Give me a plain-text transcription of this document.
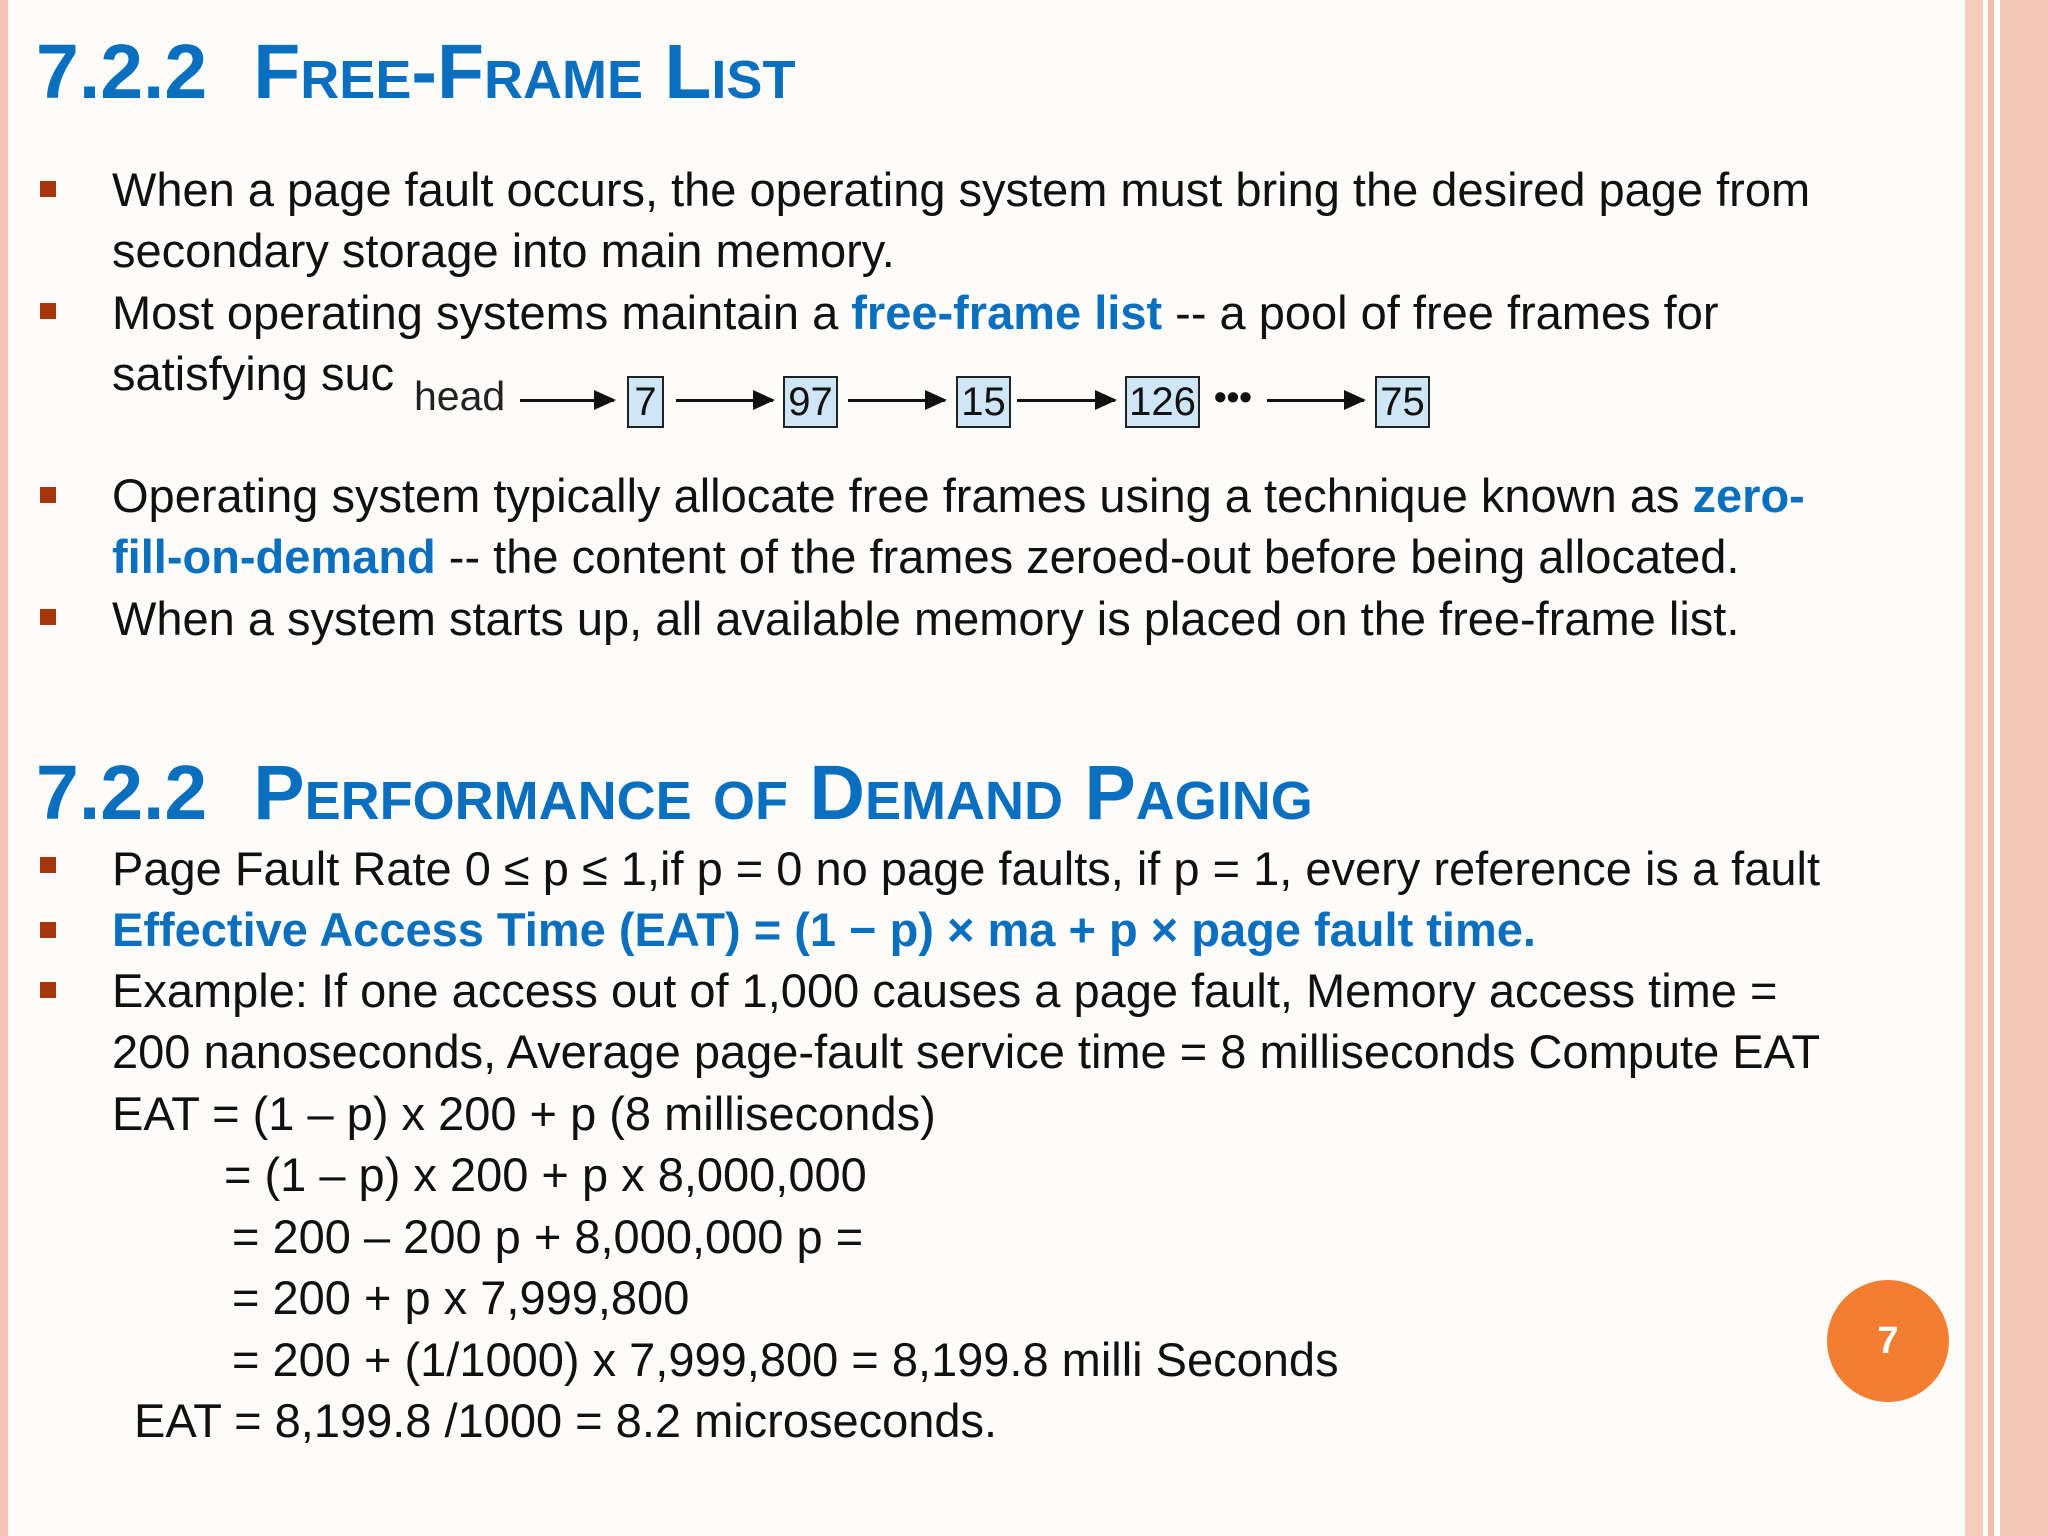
7.2.2 Free-Frame List
When a page fault occurs, the operating system must bring the desired page from
secondary storage into main memory.
Most operating systems maintain a free-frame list -- a pool of free frames for
satisfying suc head	7	97	15	126 •••	75
Operating system typically allocate free frames using a technique known as zero-
fill-on-demand -- the content of the frames zeroed-out before being allocated.
When a system starts up, all available memory is placed on the free-frame list.
7.2.2 Performance of Demand Paging
Page Fault Rate 0 ≤ p ≤ 1,if p = 0 no page faults, if p = 1, every reference is a fault
Effective Access Time (EAT) = (1 − p) × ma + p × page fault time.
Example: If one access out of 1,000 causes a page fault, Memory access time =
200 nanoseconds, Average page-fault service time = 8 milliseconds Compute EAT
EAT = (1 – p) x 200 + p (8 milliseconds)
= (1 – p) x 200 + p x 8,000,000
= 200 – 200 p + 8,000,000 p =
= 200 + p x 7,999,800
= 200 + (1/1000) x 7,999,800 = 8,199.8 milli Seconds
EAT = 8,199.8 /1000 = 8.2 microseconds.
7
